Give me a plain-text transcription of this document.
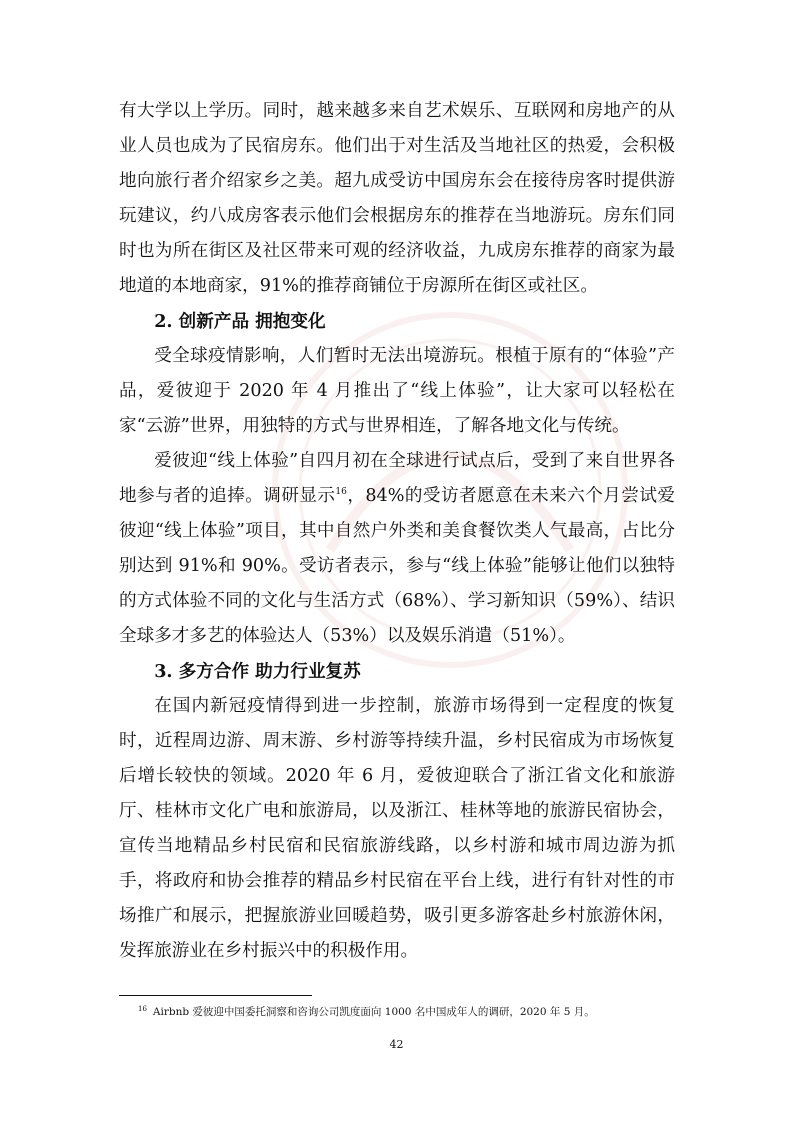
有大学以上学历。同时，越来越多来自艺术娱乐、互联网和房地产的从业人员也成为了民宿房东。他们出于对生活及当地社区的热爱，会积极地向旅行者介绍家乡之美。超九成受访中国房东会在接待房客时提供游玩建议，约八成房客表示他们会根据房东的推荐在当地游玩。房东们同时也为所在街区及社区带来可观的经济收益，九成房东推荐的商家为最地道的本地商家，91%的推荐商铺位于房源所在街区或社区。

2. 创新产品 拥抱变化

受全球疫情影响，人们暂时无法出境游玩。根植于原有的“体验”产品，爱彼迎于 2020 年 4 月推出了“线上体验”，让大家可以轻松在家“云游”世界，用独特的方式与世界相连，了解各地文化与传统。

爱彼迎“线上体验”自四月初在全球进行试点后，受到了来自世界各地参与者的追捧。调研显示$^{16}$，84%的受访者愿意在未来六个月尝试爱彼迎“线上体验”项目，其中自然户外类和美食餐饮类人气最高，占比分别达到 91%和 90%。受访者表示，参与“线上体验”能够让他们以独特的方式体验不同的文化与生活方式（68%）、学习新知识（59%）、结识全球多才多艺的体验达人（53%）以及娱乐消遣（51%）。

3. 多方合作 助力行业复苏

在国内新冠疫情得到进一步控制，旅游市场得到一定程度的恢复时，近程周边游、周末游、乡村游等持续升温，乡村民宿成为市场恢复后增长较快的领域。2020 年 6 月，爱彼迎联合了浙江省文化和旅游厅、桂林市文化广电和旅游局，以及浙江、桂林等地的旅游民宿协会，宣传当地精品乡村民宿和民宿旅游线路，以乡村游和城市周边游为抓手，将政府和协会推荐的精品乡村民宿在平台上线，进行有针对性的市场推广和展示，把握旅游业回暖趋势，吸引更多游客赴乡村旅游休闲，发挥旅游业在乡村振兴中的积极作用。

$^{16}$ Airbnb 爱彼迎中国委托洞察和咨询公司凯度面向 1000 名中国成年人的调研，2020 年 5 月。
42
